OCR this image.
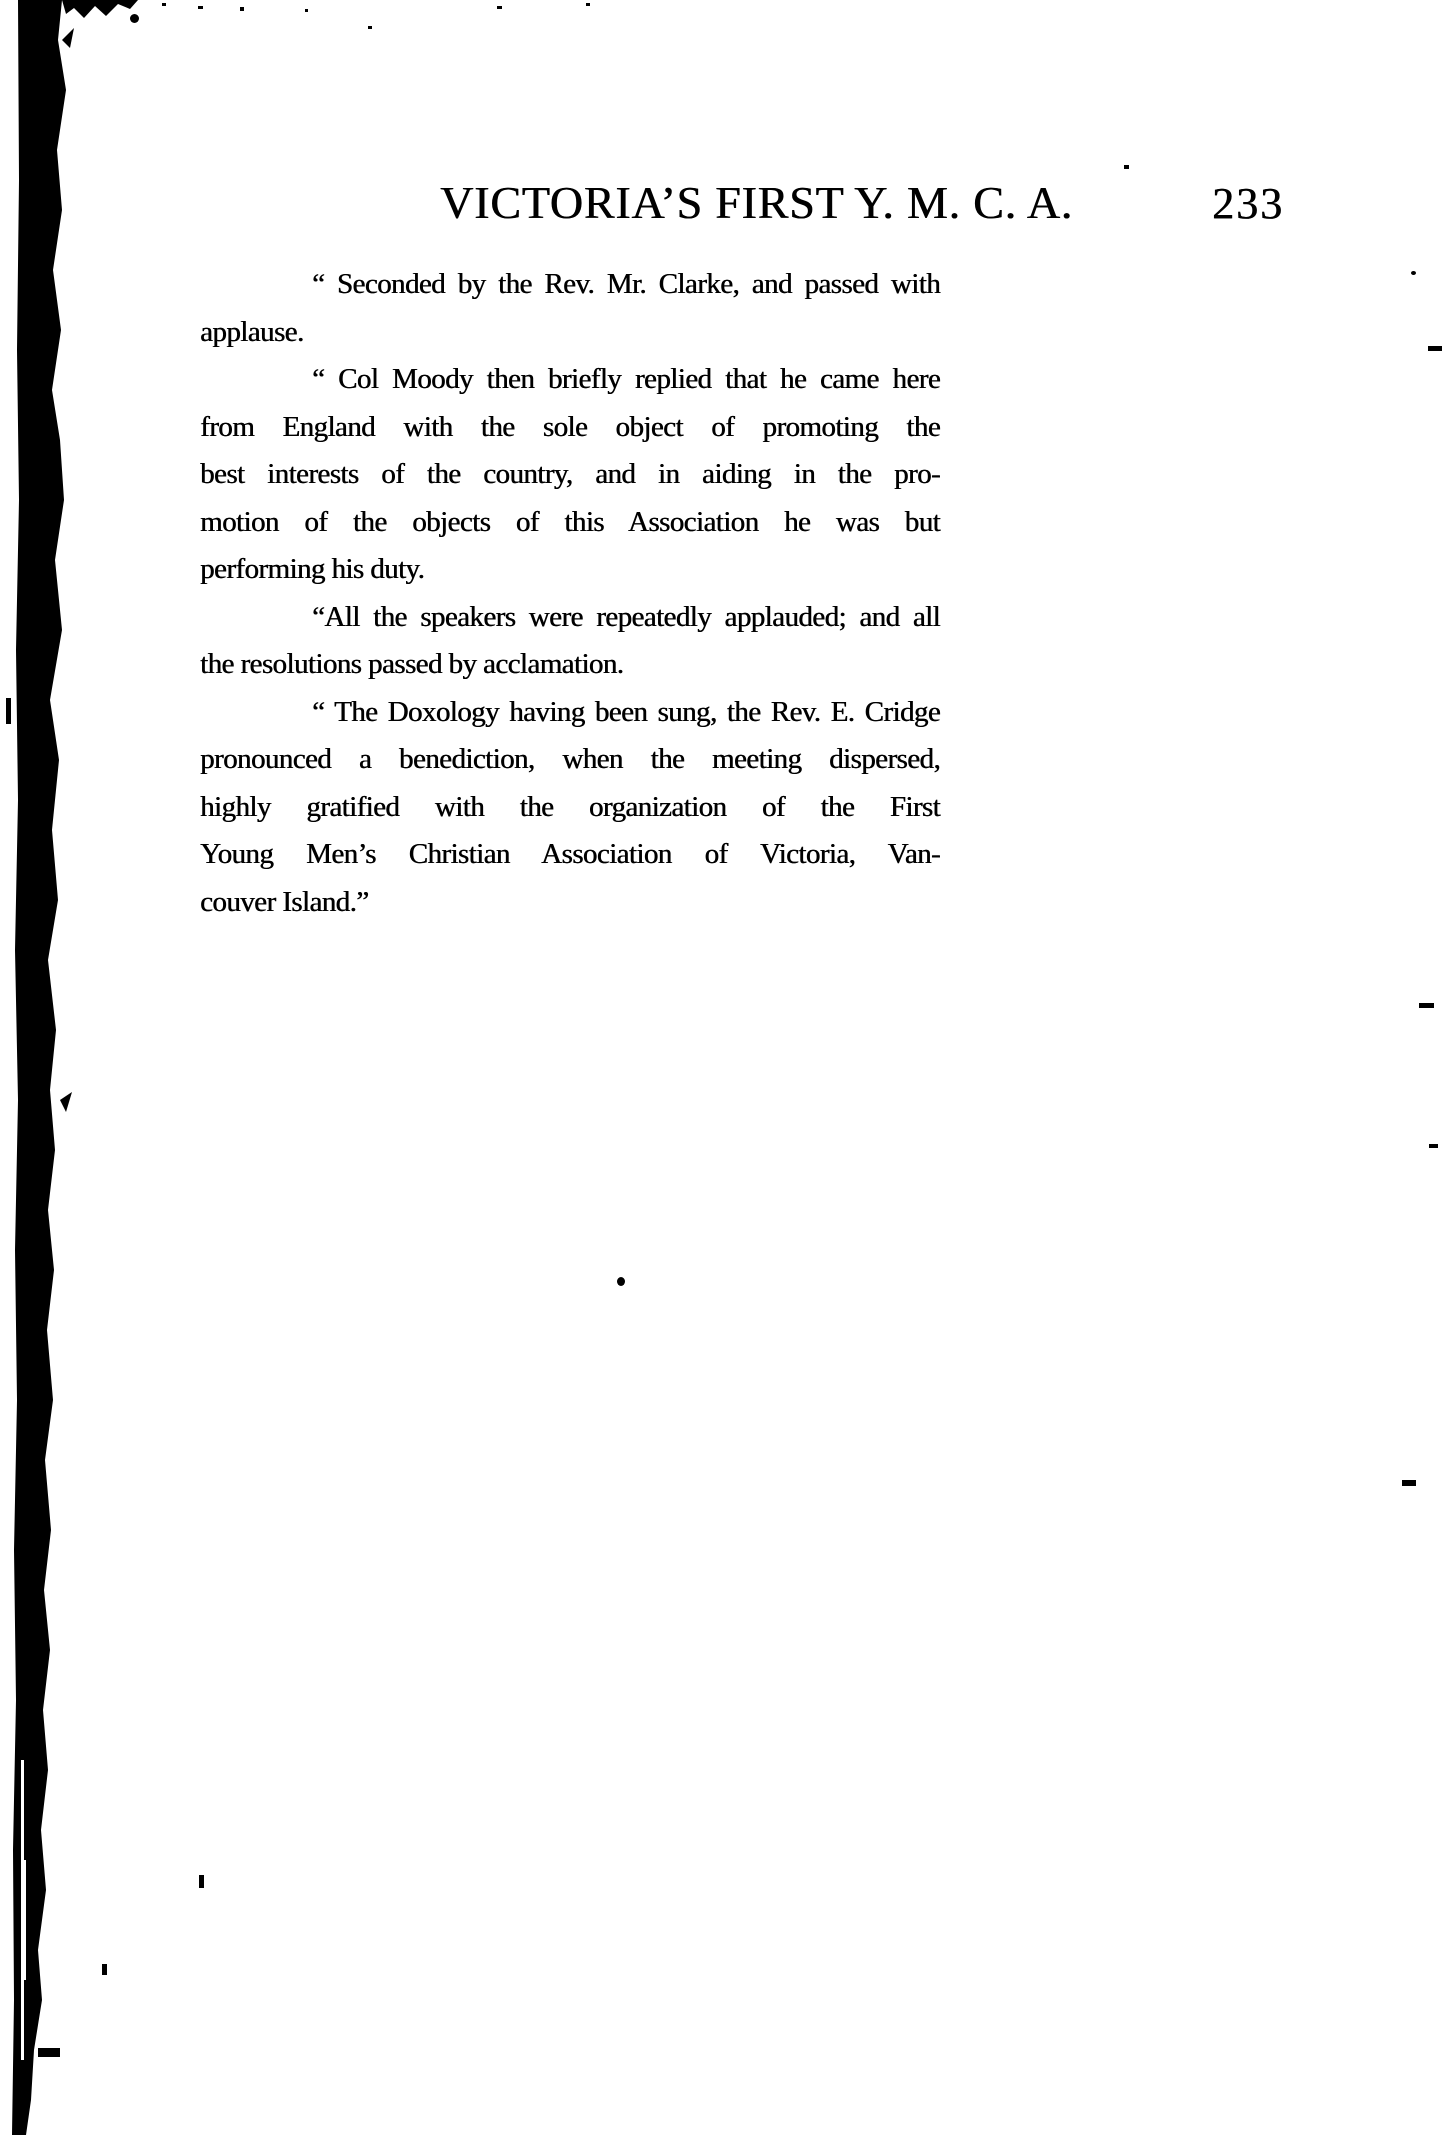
VICTORIA’S FIRST Y. M. C. A.	233
“ Seconded by the Rev. Mr. Clarke, and passed with
applause.
“ Col Moody then briefly replied that he came here
from England with the sole object of promoting the
best interests of the country, and in aiding in the pro-
motion of the objects of this Association he was but
performing his duty.
“All the speakers were repeatedly applauded; and all
the resolutions passed by acclamation.
“ The Doxology having been sung, the Rev. E. Cridge
pronounced a benediction, when the meeting dispersed,
highly gratified with the organization of the First
Young Men’s Christian Association of Victoria, Van-
couver Island.”
